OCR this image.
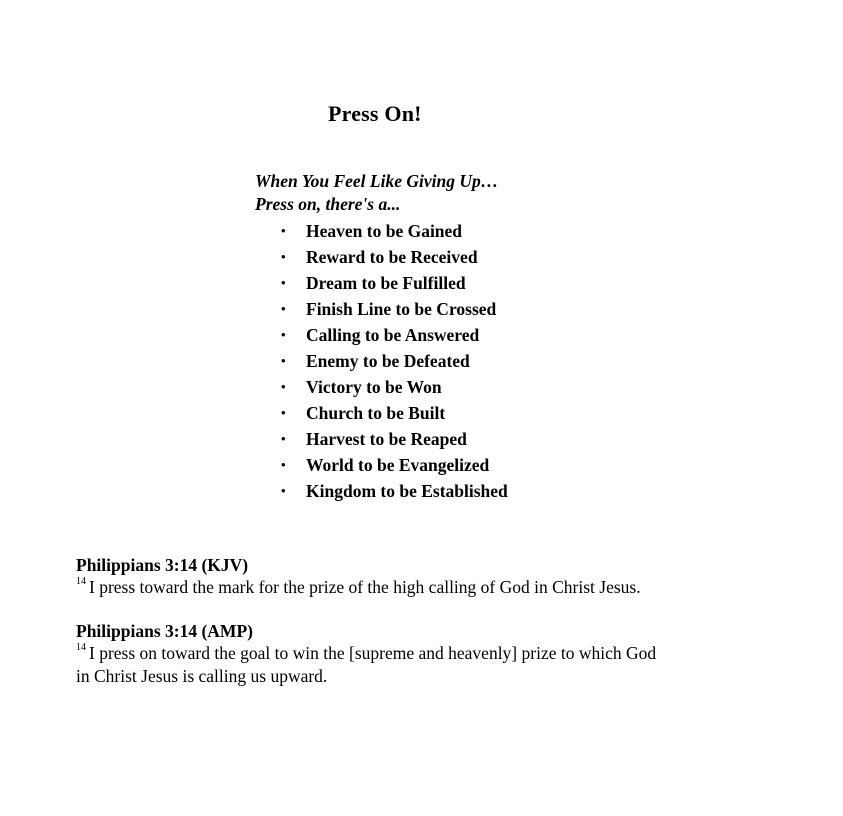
Press On!
When You Feel Like Giving Up…
Press on, there's a...
• Heaven to be Gained
• Reward to be Received
• Dream to be Fulfilled
• Finish Line to be Crossed
• Calling to be Answered
• Enemy to be Defeated
• Victory to be Won
• Church to be Built
• Harvest to be Reaped
• World to be Evangelized
• Kingdom to be Established
Philippians 3:14 (KJV)
$^{14}$ I press toward the mark for the prize of the high calling of God in Christ Jesus.
Philippians 3:14 (AMP)
$^{14}$ I press on toward the goal to win the [supreme and heavenly] prize to which God
in Christ Jesus is calling us upward.
